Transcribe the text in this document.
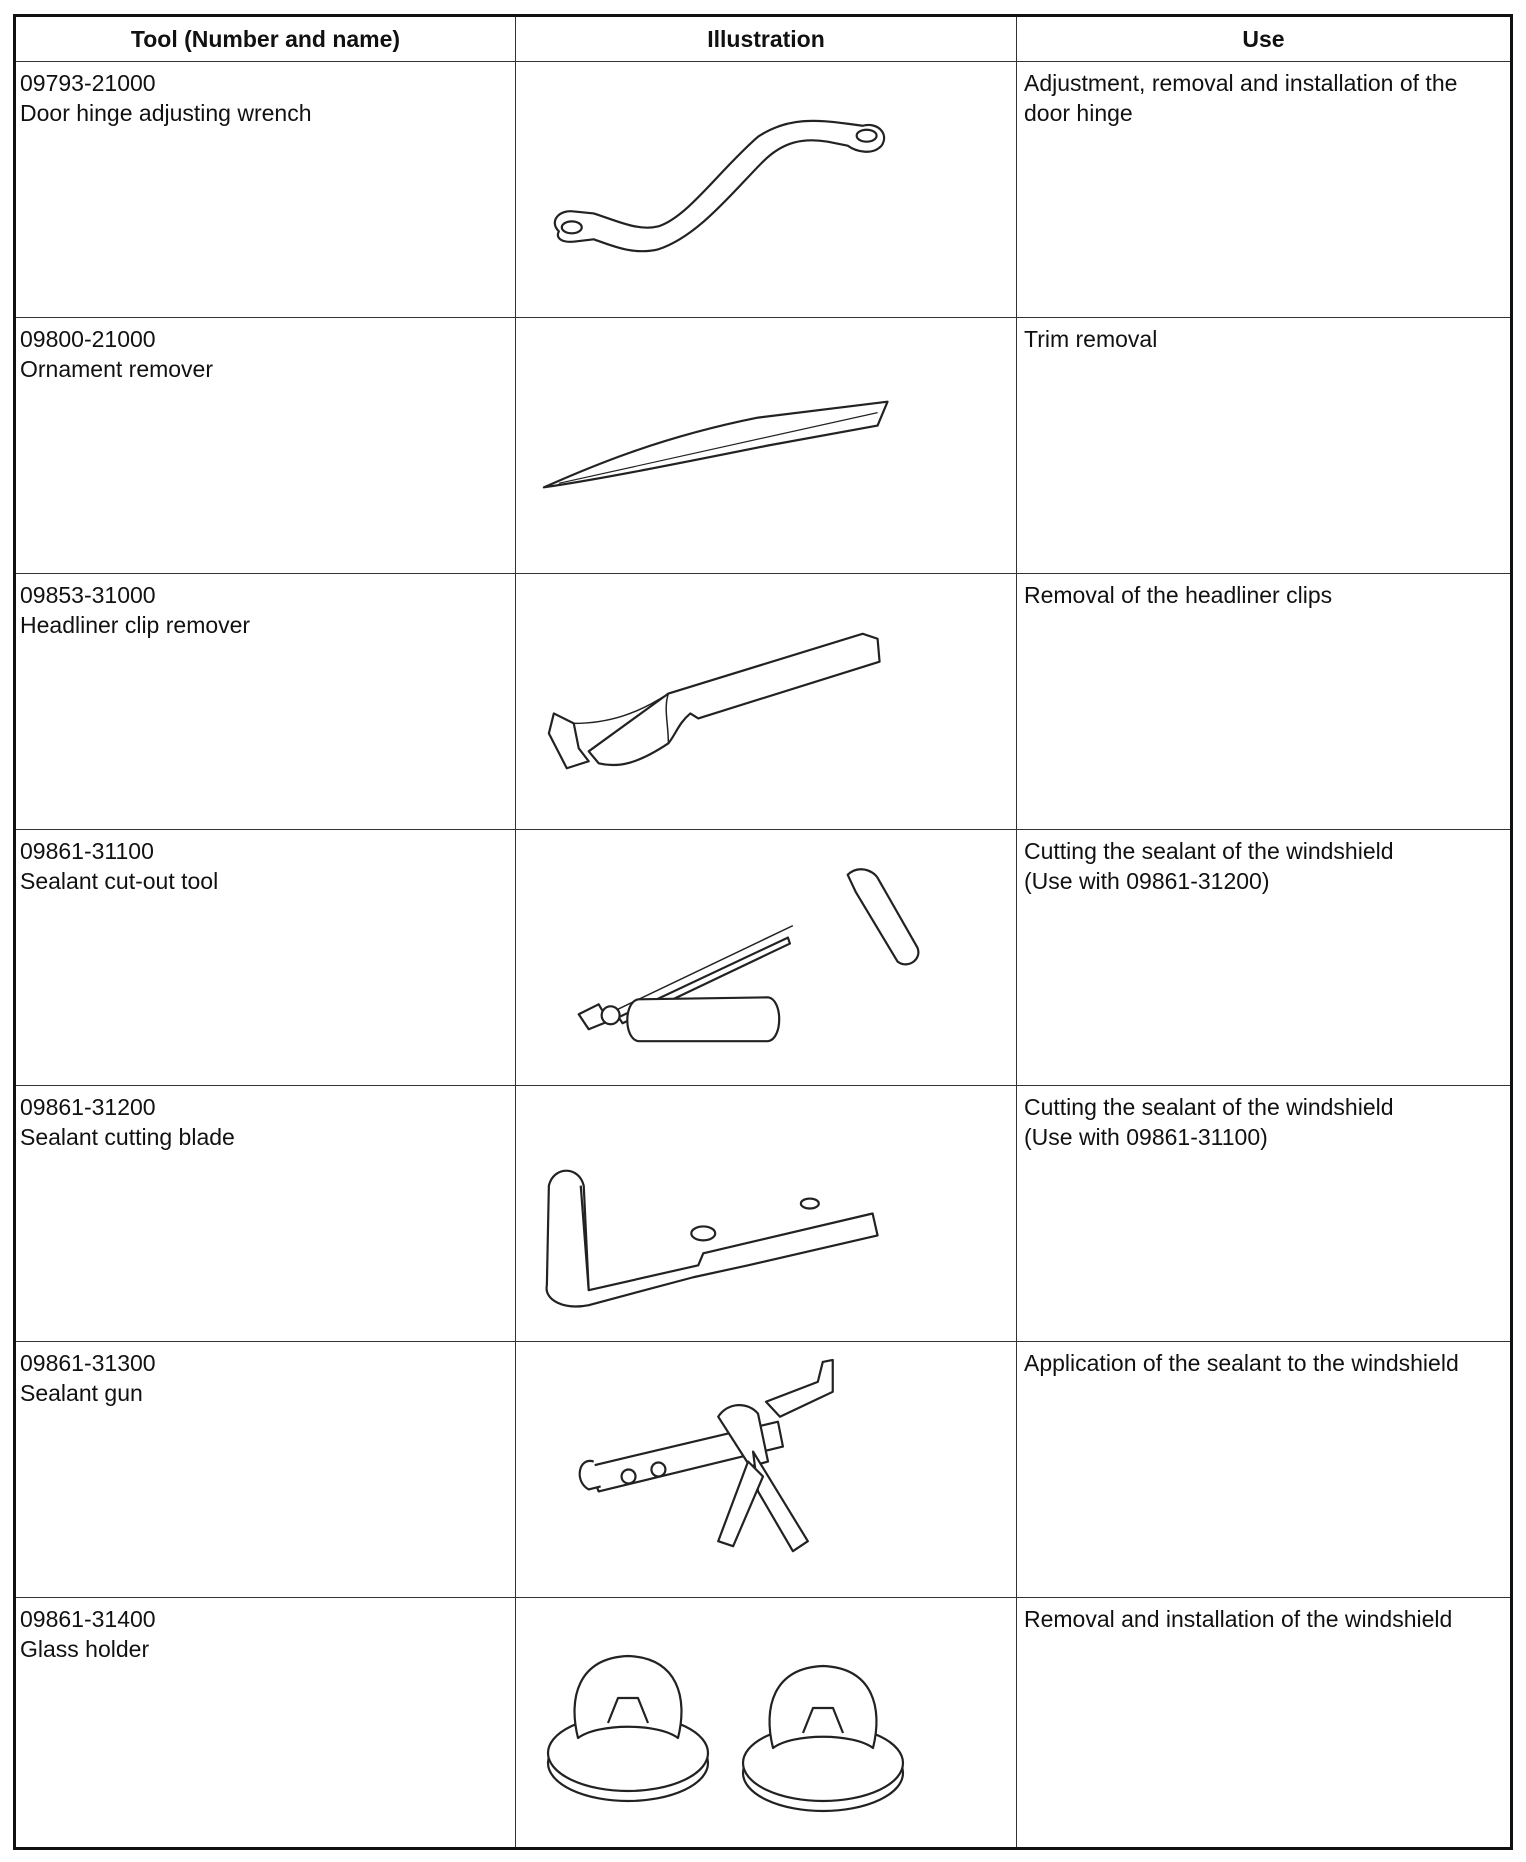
Tool (Number and name)	Illustration	Use
09793-21000
Door hinge adjusting wrench
Adjustment, removal and installation of the
door hinge
09800-21000
Ornament remover
Trim removal
09853-31000
Headliner clip remover
Removal of the headliner clips
09861-31100
Sealant cut-out tool
Cutting the sealant of the windshield
(Use with 09861-31200)
09861-31200
Sealant cutting blade
Cutting the sealant of the windshield
(Use with 09861-31100)
09861-31300
Sealant gun
Application of the sealant to the windshield
09861-31400
Glass holder
Removal and installation of the windshield
